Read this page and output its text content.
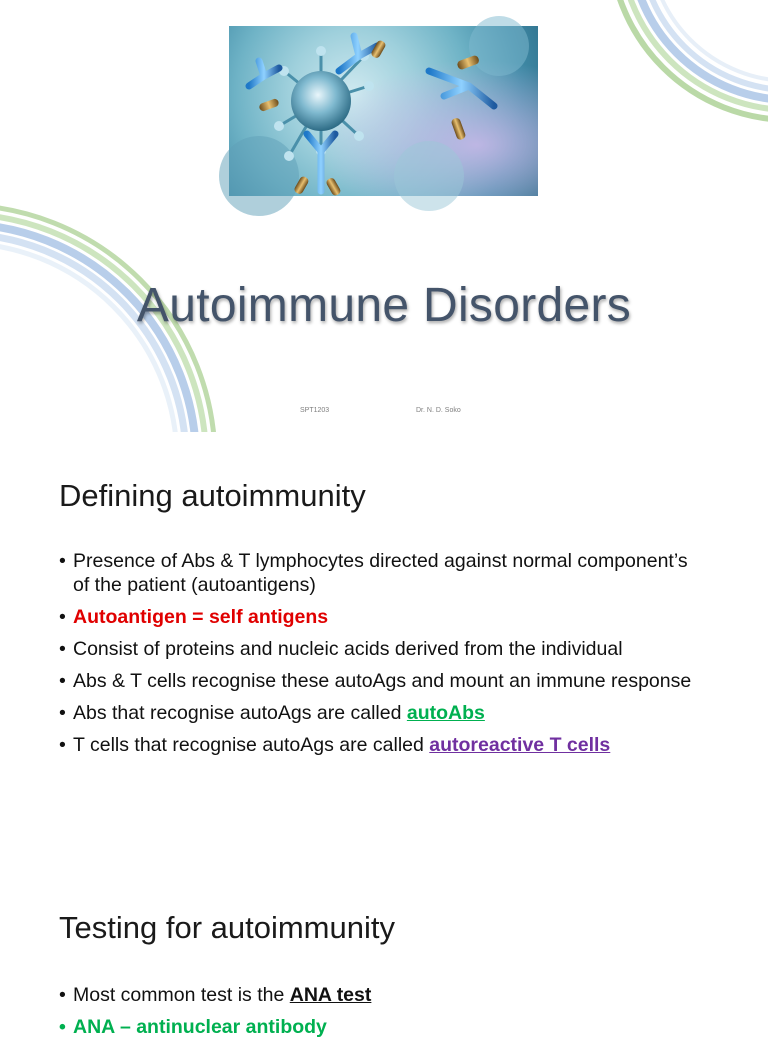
Autoimmune Disorders
SPT1203	Dr. N. D. Soko
Defining autoimmunity
• Presence of Abs & T lymphocytes directed against normal component’s of the patient (autoantigens)
• Autoantigen = self antigens
• Consist of proteins and nucleic acids derived from the individual
• Abs & T cells recognise these autoAgs and mount an immune response
• Abs that recognise autoAgs are called autoAbs
• T cells that recognise autoAgs are called autoreactive T cells
Testing for autoimmunity
• Most common test is the ANA test
• ANA – antinuclear antibody
